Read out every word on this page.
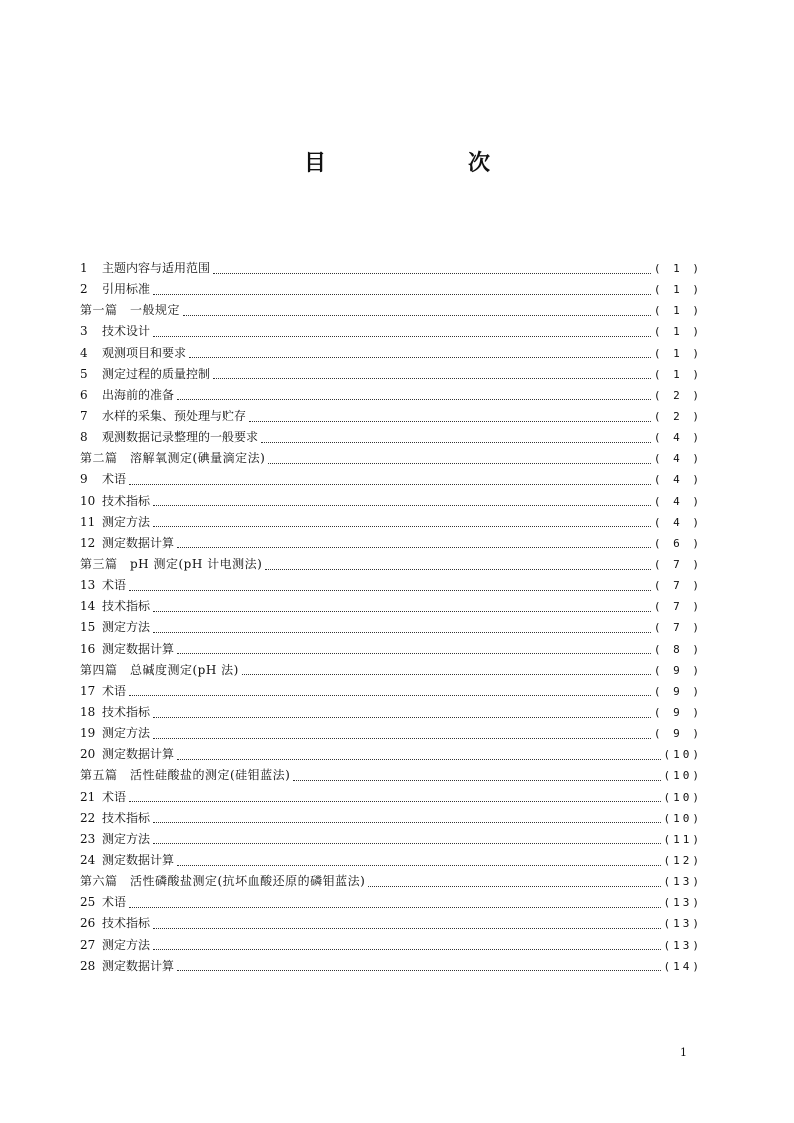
目　次
1	主题内容与适用范围	( 1 )
2	引用标准	( 1 )
第一篇　一般规定	( 1 )
3	技术设计	( 1 )
4	观测项目和要求	( 1 )
5	测定过程的质量控制	( 1 )
6	出海前的准备	( 2 )
7	水样的采集、预处理与贮存	( 2 )
8	观测数据记录整理的一般要求	( 4 )
第二篇　溶解氧测定(碘量滴定法)	( 4 )
9	术语	( 4 )
10 技术指标	( 4 )
11 测定方法	( 4 )
12 测定数据计算	( 6 )
第三篇　pH 测定(pH 计电测法)	( 7 )
13 术语	( 7 )
14 技术指标	( 7 )
15 测定方法	( 7 )
16 测定数据计算	( 8 )
第四篇　总碱度测定(pH 法)	( 9 )
17 术语	( 9 )
18 技术指标	( 9 )
19 测定方法	( 9 )
20 测定数据计算	(10)
第五篇　活性硅酸盐的测定(硅钼蓝法)	(10)
21 术语	(10)
22 技术指标	(10)
23 测定方法	(11)
24 测定数据计算	(12)
第六篇　活性磷酸盐测定(抗坏血酸还原的磷钼蓝法)	(13)
25 术语	(13)
26 技术指标	(13)
27 测定方法	(13)
28 测定数据计算	(14)
1
